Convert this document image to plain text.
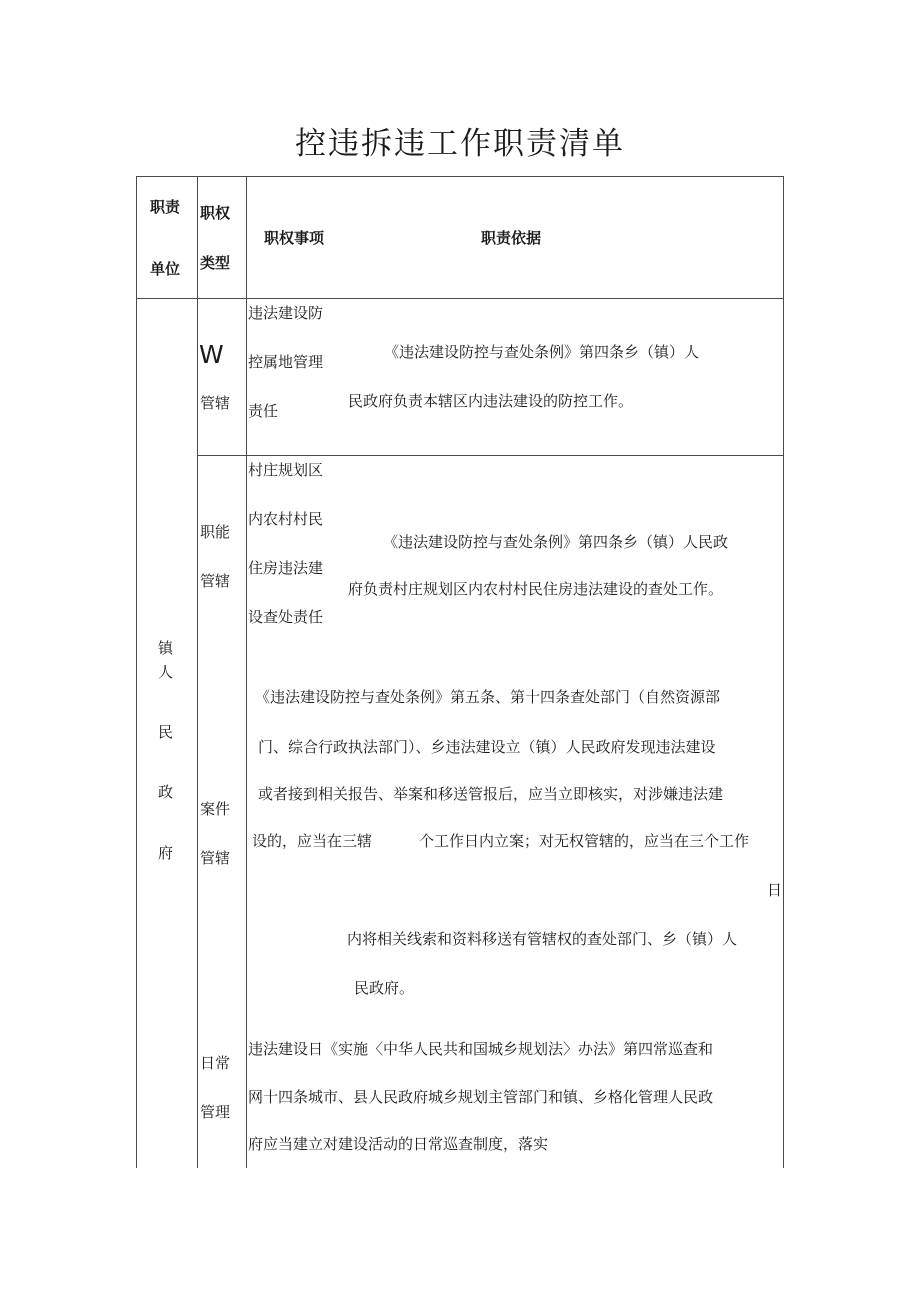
控违拆违工作职责清单
职责
单位
职权
类型
职权事项	职责依据
镇
人
民
政
府
W
管辖
违法建设防
控属地管理
责任
《违法建设防控与查处条例》第四条乡（镇）人
民政府负责本辖区内违法建设的防控工作。
职能
管辖
村庄规划区
内农村村民
住房违法建
设查处责任
《违法建设防控与查处条例》第四条乡（镇）人民政
府负责村庄规划区内农村村民住房违法建设的查处工作。
案件
管辖
《违法建设防控与查处条例》第五条、第十四条查处部门（自然资源部
门、综合行政执法部门）、乡违法建设立（镇）人民政府发现违法建设
或者接到相关报告、举案和移送管报后，应当立即核实，对涉嫌违法建
设的，应当在三辖	个工作日内立案；对无权管辖的，应当在三个工作
日
内将相关线索和资料移送有管辖权的查处部门、乡（镇）人
民政府。
日常
管理
违法建设日《实施〈中华人民共和国城乡规划法〉办法》第四常巡查和
网十四条城市、县人民政府城乡规划主管部门和镇、乡格化管理人民政
府应当建立对建设活动的日常巡查制度，落实
